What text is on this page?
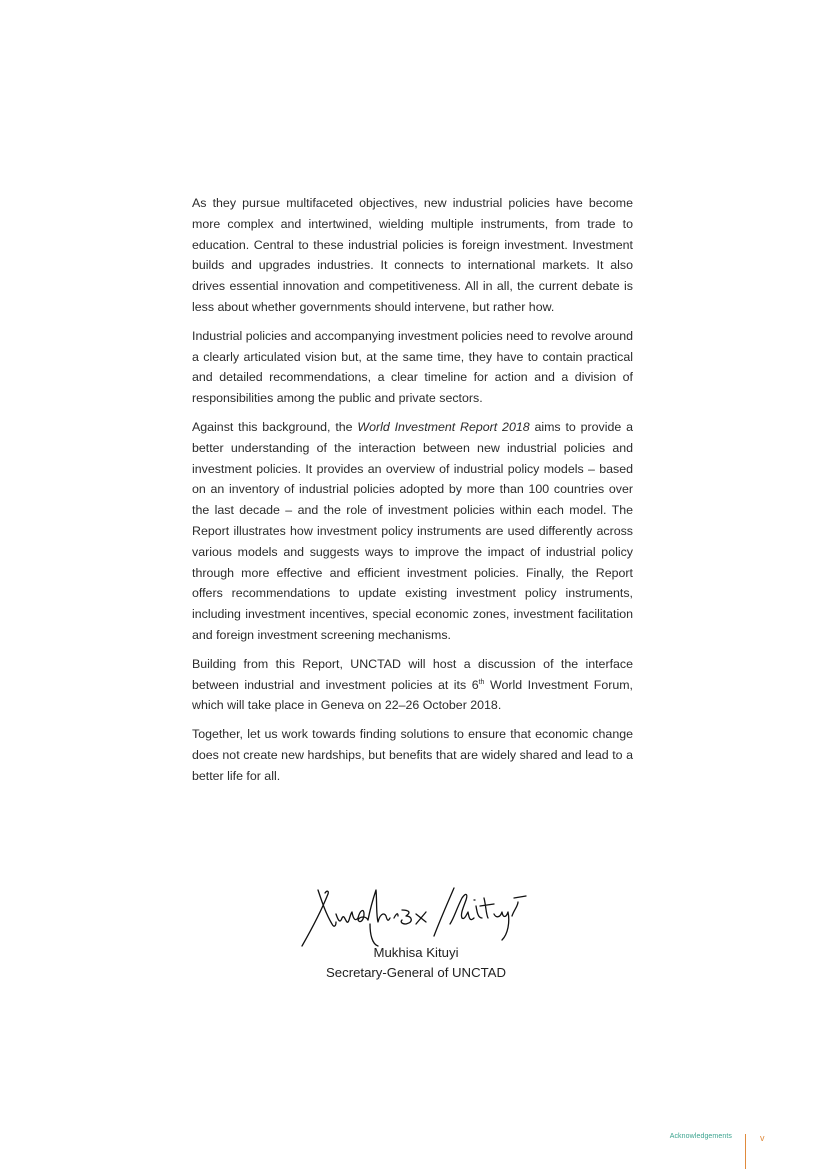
As they pursue multifaceted objectives, new industrial policies have become more complex and intertwined, wielding multiple instruments, from trade to education. Central to these industrial policies is foreign investment. Investment builds and upgrades industries. It connects to international markets. It also drives essential innovation and competitiveness. All in all, the current debate is less about whether governments should intervene, but rather how.

Industrial policies and accompanying investment policies need to revolve around a clearly articulated vision but, at the same time, they have to contain practical and detailed recommendations, a clear timeline for action and a division of responsibilities among the public and private sectors.

Against this background, the World Investment Report 2018 aims to provide a better understanding of the interaction between new industrial policies and investment policies. It provides an overview of industrial policy models – based on an inventory of industrial policies adopted by more than 100 countries over the last decade – and the role of investment policies within each model. The Report illustrates how investment policy instruments are used differently across various models and suggests ways to improve the impact of industrial policy through more effective and efficient investment policies. Finally, the Report offers recommendations to update existing investment policy instruments, including investment incentives, special economic zones, investment facilitation and foreign investment screening mechanisms.

Building from this Report, UNCTAD will host a discussion of the interface between industrial and investment policies at its 6th World Investment Forum, which will take place in Geneva on 22–26 October 2018.

Together, let us work towards finding solutions to ensure that economic change does not create new hardships, but benefits that are widely shared and lead to a better life for all.

Mukhisa Kituyi
Secretary-General of UNCTAD
Acknowledgements	v
